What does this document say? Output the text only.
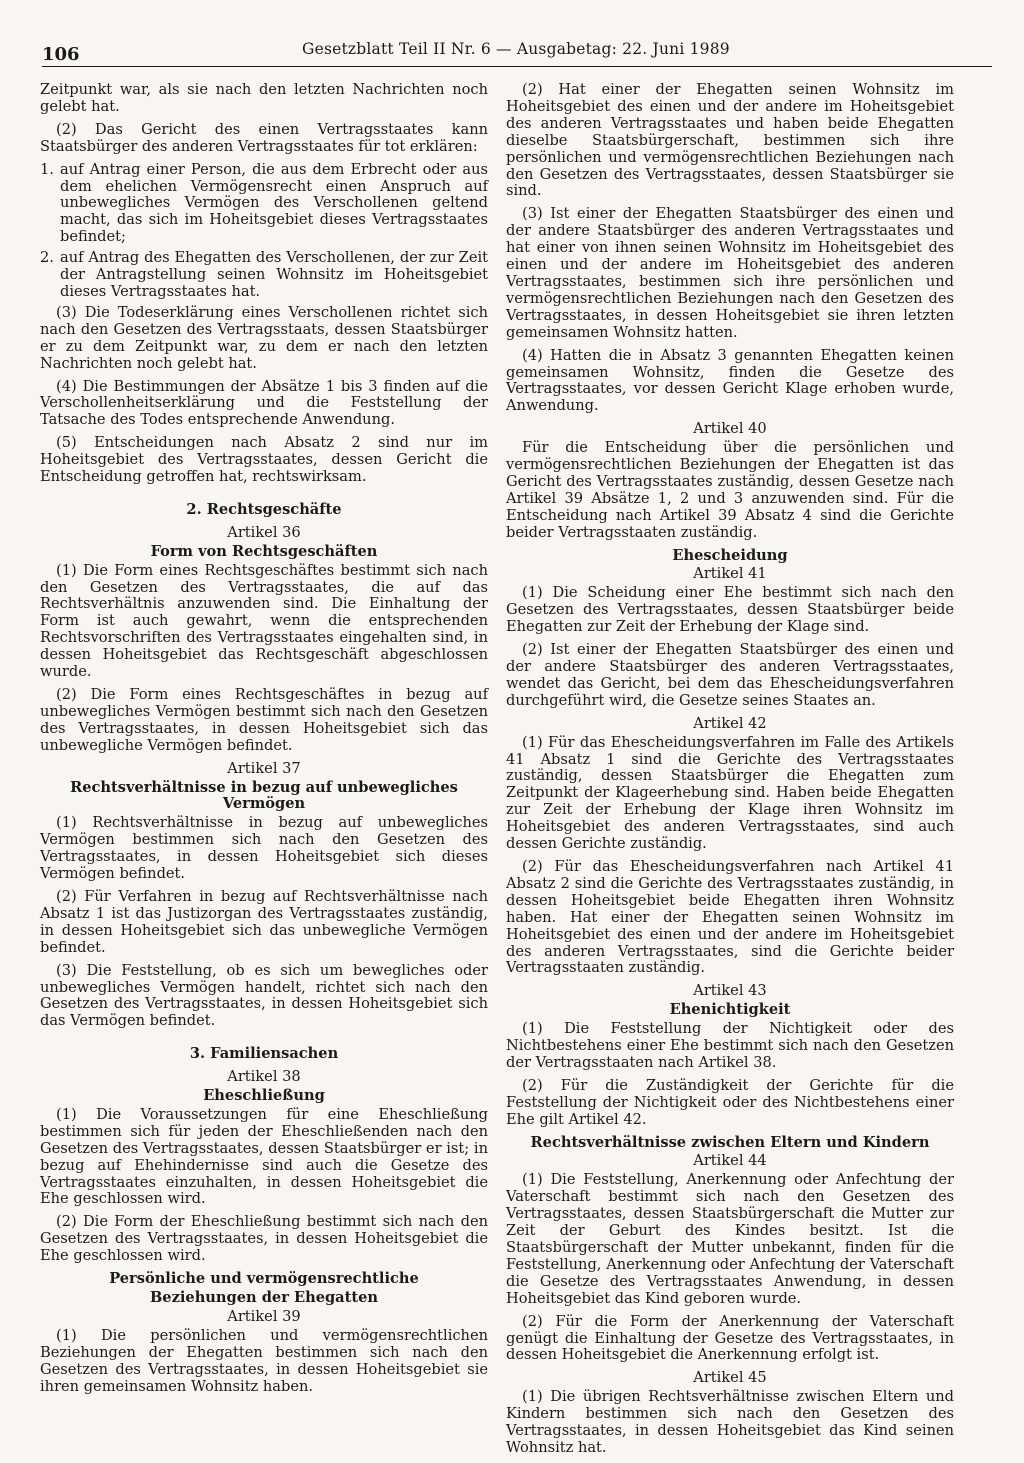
106	Gesetzblatt Teil II Nr. 6 — Ausgabetag: 22. Juni 1989

Zeitpunkt war, als sie nach den letzten Nachrichten noch gelebt hat.

(2) Das Gericht des einen Vertragsstaates kann Staatsbürger des anderen Vertragsstaates für tot erklären:

1. auf Antrag einer Person, die aus dem Erbrecht oder aus dem ehelichen Vermögensrecht einen Anspruch auf unbewegliches Vermögen des Verschollenen geltend macht, das sich im Hoheitsgebiet dieses Vertragsstaates befindet;
2. auf Antrag des Ehegatten des Verschollenen, der zur Zeit der Antragstellung seinen Wohnsitz im Hoheitsgebiet dieses Vertragsstaates hat.

(3) Die Todeserklärung eines Verschollenen richtet sich nach den Gesetzen des Vertragsstaats, dessen Staatsbürger er zu dem Zeitpunkt war, zu dem er nach den letzten Nachrichten noch gelebt hat.

(4) Die Bestimmungen der Absätze 1 bis 3 finden auf die Verschollenheitserklärung und die Feststellung der Tatsache des Todes entsprechende Anwendung.

(5) Entscheidungen nach Absatz 2 sind nur im Hoheitsgebiet des Vertragsstaates, dessen Gericht die Entscheidung getroffen hat, rechtswirksam.

2. Rechtsgeschäfte

Artikel 36

Form von Rechtsgeschäften

(1) Die Form eines Rechtsgeschäftes bestimmt sich nach den Gesetzen des Vertragsstaates, die auf das Rechtsverhältnis anzuwenden sind. Die Einhaltung der Form ist auch gewahrt, wenn die entsprechenden Rechtsvorschriften des Vertragsstaates eingehalten sind, in dessen Hoheitsgebiet das Rechtsgeschäft abgeschlossen wurde.

(2) Die Form eines Rechtsgeschäftes in bezug auf unbewegliches Vermögen bestimmt sich nach den Gesetzen des Vertragsstaates, in dessen Hoheitsgebiet sich das unbewegliche Vermögen befindet.

Artikel 37

Rechtsverhältnisse in bezug auf unbewegliches Vermögen

(1) Rechtsverhältnisse in bezug auf unbewegliches Vermögen bestimmen sich nach den Gesetzen des Vertragsstaates, in dessen Hoheitsgebiet sich dieses Vermögen befindet.

(2) Für Verfahren in bezug auf Rechtsverhältnisse nach Absatz 1 ist das Justizorgan des Vertragsstaates zuständig, in dessen Hoheitsgebiet sich das unbewegliche Vermögen befindet.

(3) Die Feststellung, ob es sich um bewegliches oder unbewegliches Vermögen handelt, richtet sich nach den Gesetzen des Vertragsstaates, in dessen Hoheitsgebiet sich das Vermögen befindet.

3. Familiensachen

Artikel 38

Eheschließung

(1) Die Voraussetzungen für eine Eheschließung bestimmen sich für jeden der Eheschließenden nach den Gesetzen des Vertragsstaates, dessen Staatsbürger er ist; in bezug auf Ehehindernisse sind auch die Gesetze des Vertragsstaates einzuhalten, in dessen Hoheitsgebiet die Ehe geschlossen wird.

(2) Die Form der Eheschließung bestimmt sich nach den Gesetzen des Vertragsstaates, in dessen Hoheitsgebiet die Ehe geschlossen wird.

Persönliche und vermögensrechtliche

Beziehungen der Ehegatten

Artikel 39

(1) Die persönlichen und vermögensrechtlichen Beziehungen der Ehegatten bestimmen sich nach den Gesetzen des Vertragsstaates, in dessen Hoheitsgebiet sie ihren gemeinsamen Wohnsitz haben.

(2) Hat einer der Ehegatten seinen Wohnsitz im Hoheitsgebiet des einen und der andere im Hoheitsgebiet des anderen Vertragsstaates und haben beide Ehegatten dieselbe Staatsbürgerschaft, bestimmen sich ihre persönlichen und vermögensrechtlichen Beziehungen nach den Gesetzen des Vertragsstaates, dessen Staatsbürger sie sind.

(3) Ist einer der Ehegatten Staatsbürger des einen und der andere Staatsbürger des anderen Vertragsstaates und hat einer von ihnen seinen Wohnsitz im Hoheitsgebiet des einen und der andere im Hoheitsgebiet des anderen Vertragsstaates, bestimmen sich ihre persönlichen und vermögensrechtlichen Beziehungen nach den Gesetzen des Vertragsstaates, in dessen Hoheitsgebiet sie ihren letzten gemeinsamen Wohnsitz hatten.

(4) Hatten die in Absatz 3 genannten Ehegatten keinen gemeinsamen Wohnsitz, finden die Gesetze des Vertragsstaates, vor dessen Gericht Klage erhoben wurde, Anwendung.

Artikel 40

Für die Entscheidung über die persönlichen und vermögensrechtlichen Beziehungen der Ehegatten ist das Gericht des Vertragsstaates zuständig, dessen Gesetze nach Artikel 39 Absätze 1, 2 und 3 anzuwenden sind. Für die Entscheidung nach Artikel 39 Absatz 4 sind die Gerichte beider Vertragsstaaten zuständig.

Ehescheidung

Artikel 41

(1) Die Scheidung einer Ehe bestimmt sich nach den Gesetzen des Vertragsstaates, dessen Staatsbürger beide Ehegatten zur Zeit der Erhebung der Klage sind.

(2) Ist einer der Ehegatten Staatsbürger des einen und der andere Staatsbürger des anderen Vertragsstaates, wendet das Gericht, bei dem das Ehescheidungsverfahren durchgeführt wird, die Gesetze seines Staates an.

Artikel 42

(1) Für das Ehescheidungsverfahren im Falle des Artikels 41 Absatz 1 sind die Gerichte des Vertragsstaates zuständig, dessen Staatsbürger die Ehegatten zum Zeitpunkt der Klageerhebung sind. Haben beide Ehegatten zur Zeit der Erhebung der Klage ihren Wohnsitz im Hoheitsgebiet des anderen Vertragsstaates, sind auch dessen Gerichte zuständig.

(2) Für das Ehescheidungsverfahren nach Artikel 41 Absatz 2 sind die Gerichte des Vertragsstaates zuständig, in dessen Hoheitsgebiet beide Ehegatten ihren Wohnsitz haben. Hat einer der Ehegatten seinen Wohnsitz im Hoheitsgebiet des einen und der andere im Hoheitsgebiet des anderen Vertragsstaates, sind die Gerichte beider Vertragsstaaten zuständig.

Artikel 43

Ehenichtigkeit

(1) Die Feststellung der Nichtigkeit oder des Nichtbestehens einer Ehe bestimmt sich nach den Gesetzen der Vertragsstaaten nach Artikel 38.

(2) Für die Zuständigkeit der Gerichte für die Feststellung der Nichtigkeit oder des Nichtbestehens einer Ehe gilt Artikel 42.

Rechtsverhältnisse zwischen Eltern und Kindern

Artikel 44

(1) Die Feststellung, Anerkennung oder Anfechtung der Vaterschaft bestimmt sich nach den Gesetzen des Vertragsstaates, dessen Staatsbürgerschaft die Mutter zur Zeit der Geburt des Kindes besitzt. Ist die Staatsbürgerschaft der Mutter unbekannt, finden für die Feststellung, Anerkennung oder Anfechtung der Vaterschaft die Gesetze des Vertragsstaates Anwendung, in dessen Hoheitsgebiet das Kind geboren wurde.

(2) Für die Form der Anerkennung der Vaterschaft genügt die Einhaltung der Gesetze des Vertragsstaates, in dessen Hoheitsgebiet die Anerkennung erfolgt ist.

Artikel 45

(1) Die übrigen Rechtsverhältnisse zwischen Eltern und Kindern bestimmen sich nach den Gesetzen des Vertragsstaates, in dessen Hoheitsgebiet das Kind seinen Wohnsitz hat.
